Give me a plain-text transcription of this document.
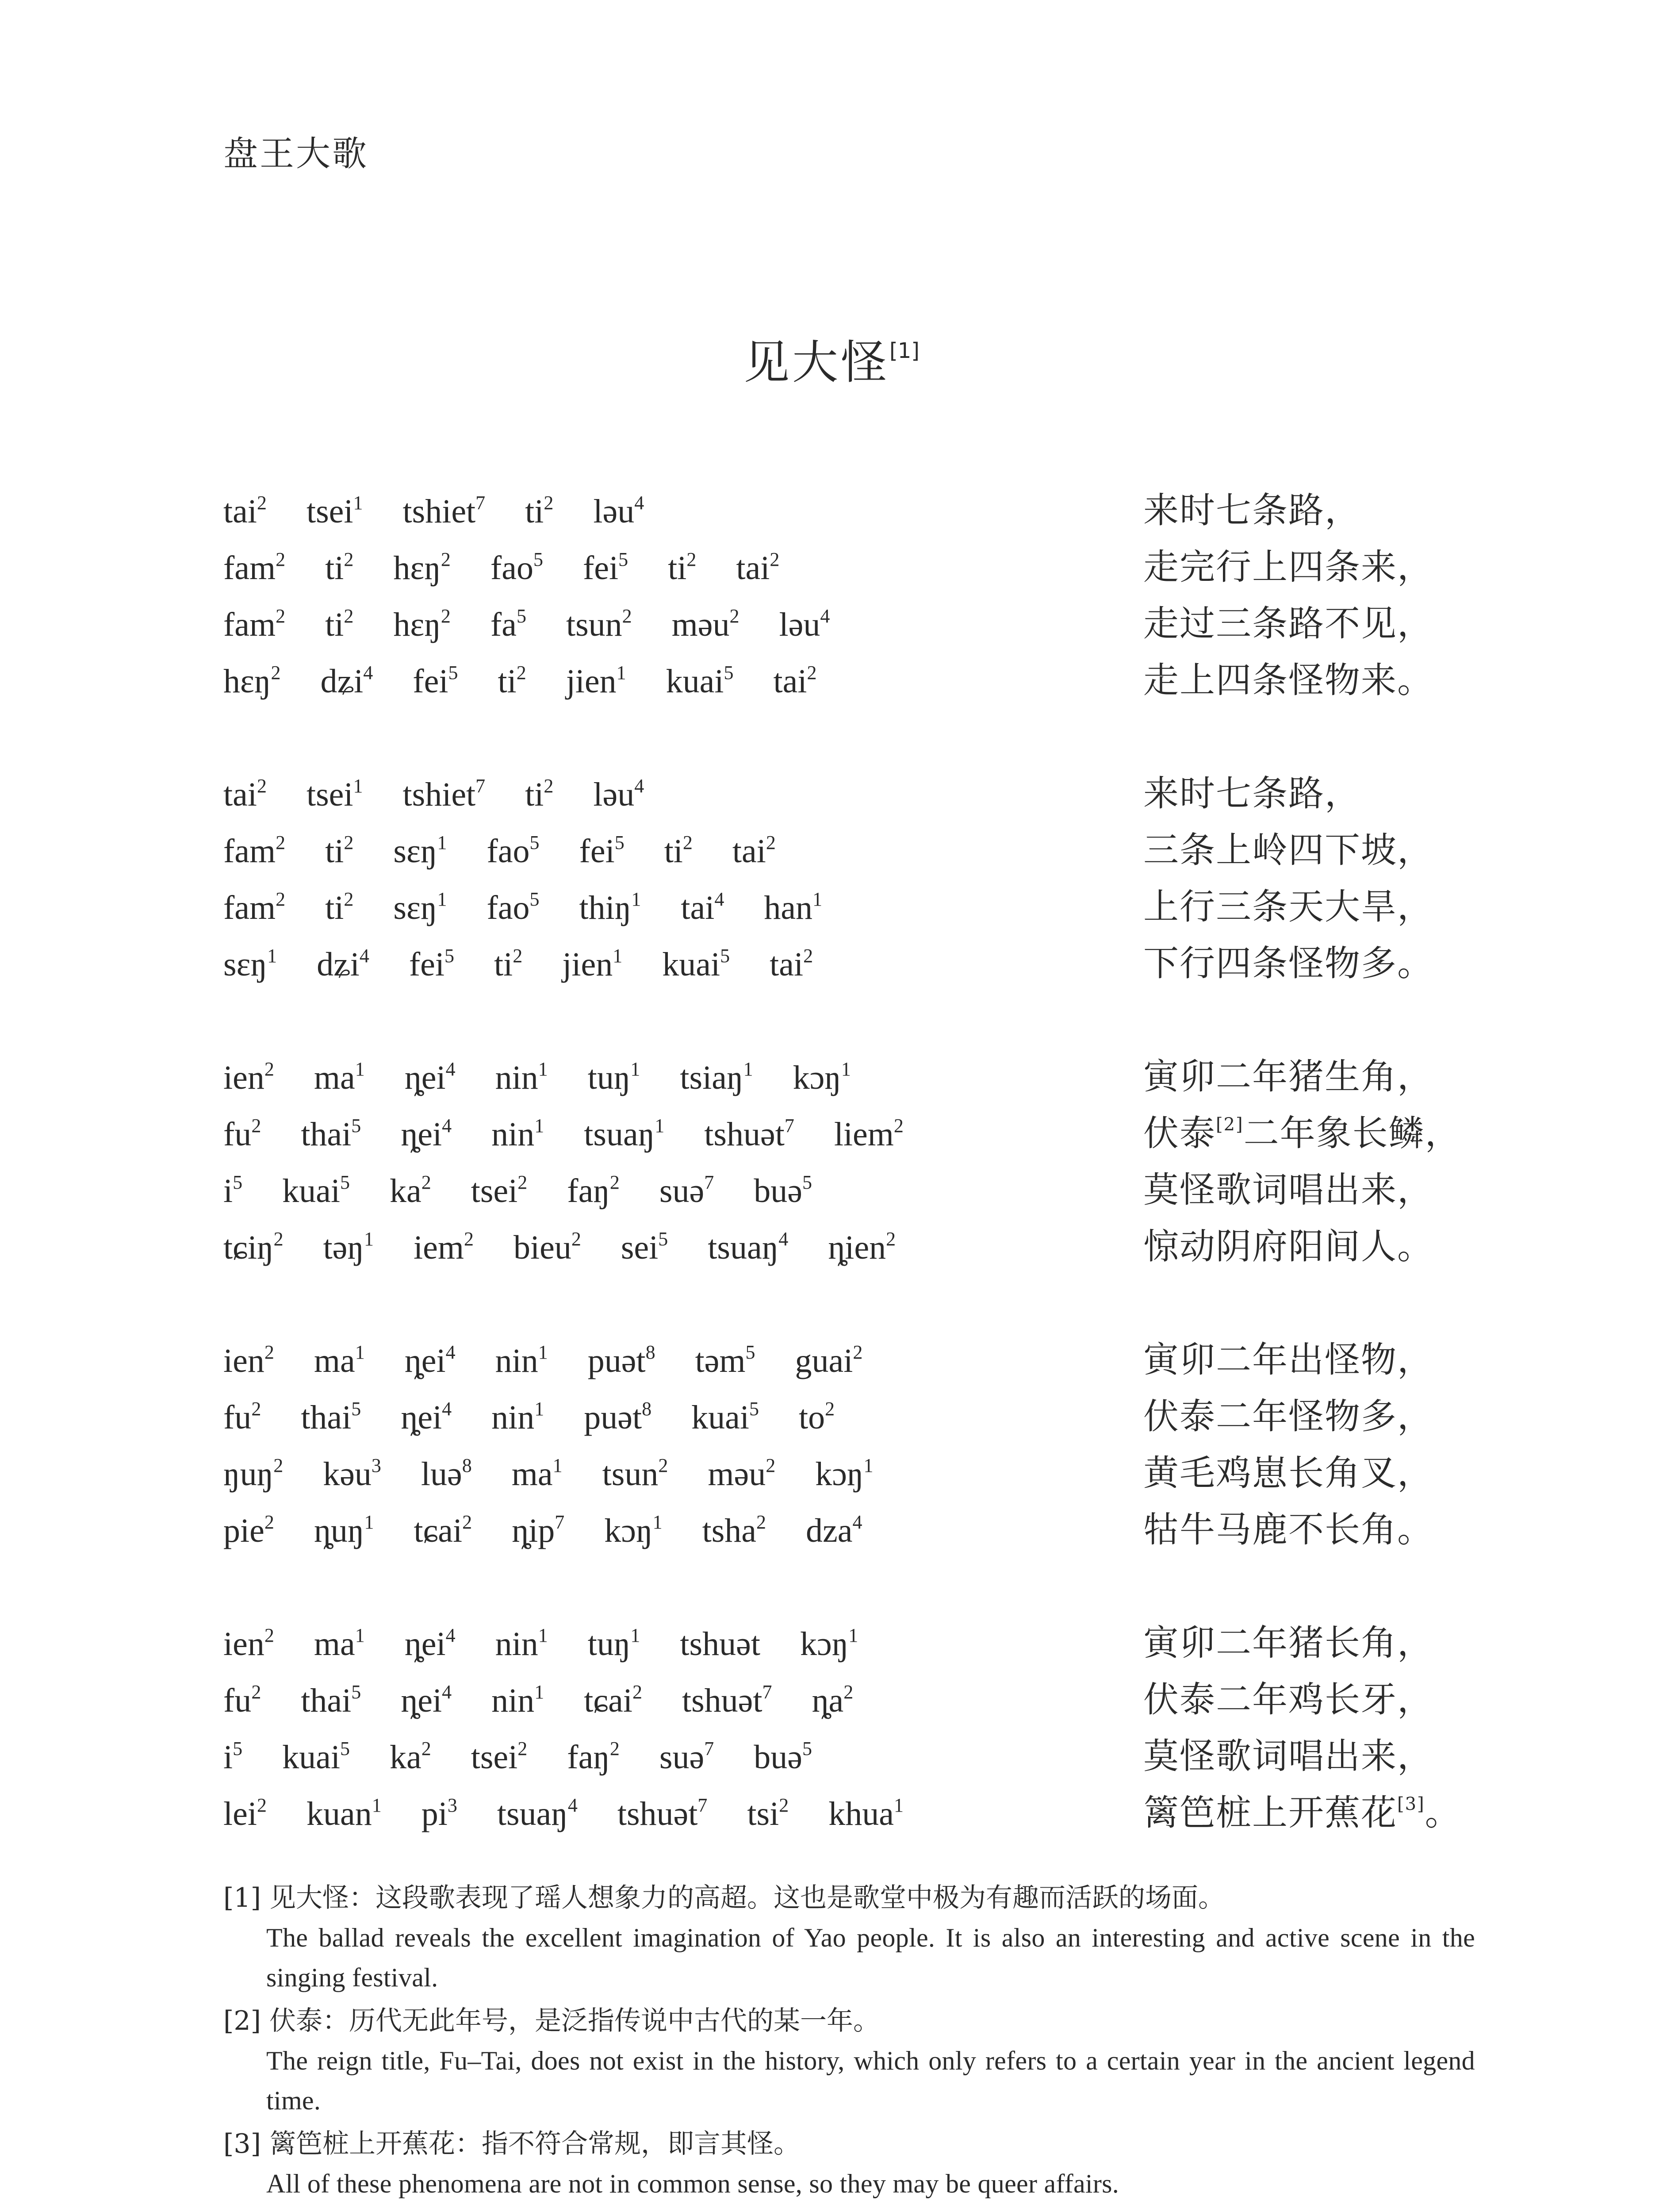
盘王大歌
见大怪[1]
tai$^2$  tsei$^1$  tshiet$^7$  $ti^2$  ləu$^4$	来时七条路，
fam$^2$  $ti^2$  hɛŋ$^2$  fao$^5$  fei$^5$  $ti^2$  tai$^2$	走完行上四条来，
fam$^2$  $ti^2$  hɛŋ$^2$  $fa^5$  tsun$^2$  məu$^2$  ləu$^4$	走过三条路不见，
hɛŋ$^2$  dʑi$^4$  fei$^5$  $ti^2$  jien$^1$  kuai$^5$  tai$^2$	走上四条怪物来。
tai$^2$  tsei$^1$  tshiet$^7$  $ti^2$  ləu$^4$	来时七条路，
fam$^2$  $ti^2$  sɛŋ$^1$  fao$^5$  fei$^5$  $ti^2$  tai$^2$	三条上岭四下坡，
fam$^2$  $ti^2$  sɛŋ$^1$  fao$^5$  thiŋ$^1$  tai$^4$  han$^1$	上行三条天大旱，
sɛŋ$^1$  dʑi$^4$  fei$^5$  $ti^2$  jien$^1$  kuai$^5$  tai$^2$	下行四条怪物多。
ien$^2$  $ma^1$  ȵei$^4$  nin$^1$  tuŋ$^1$  tsiaŋ$^1$  kɔŋ$^1$	寅卯二年猪生角，
$fu^2$  thai$^5$  ȵei$^4$  nin$^1$  tsuaŋ$^1$  tshuət$^7$  liem$^2$	伏泰[2]二年象长鳞，
$i^5$  kuai$^5$  $ka^2$  tsei$^2$  faŋ$^2$  suə$^7$  buə$^5$	莫怪歌词唱出来，
tɕiŋ$^2$  təŋ$^1$  iem$^2$  bieu$^2$  sei$^5$  tsuaŋ$^4$  ȵien$^2$	惊动阴府阳间人。
ien$^2$  $ma^1$  ȵei$^4$  nin$^1$  puət$^8$  təm$^5$  guai$^2$	寅卯二年出怪物，
$fu^2$  thai$^5$  ȵei$^4$  nin$^1$  puət$^8$  kuai$^5$  $to^2$	伏泰二年怪物多，
ŋuŋ$^2$  kəu$^3$  luə$^8$  $ma^1$  tsun$^2$  məu$^2$  kɔŋ$^1$	黄毛鸡崽长角叉，
pie$^2$  ȵuŋ$^1$  tɕai$^2$  ȵip$^7$  kɔŋ$^1$  tsha$^2$  dza$^4$	牯牛马鹿不长角。
ien$^2$  $ma^1$  ȵei$^4$  nin$^1$  tuŋ$^1$  tshuət  kɔŋ$^1$	寅卯二年猪长角，
$fu^2$  thai$^5$  ȵei$^4$  nin$^1$  tɕai$^2$  tshuət$^7$  $ȵa^2$	伏泰二年鸡长牙，
$i^5$  kuai$^5$  $ka^2$  tsei$^2$  faŋ$^2$  suə$^7$  buə$^5$	莫怪歌词唱出来，
lei$^2$  kuan$^1$  $pi^3$  tsuaŋ$^4$  tshuət$^7$  tsi$^2$  khua$^1$	篱笆桩上开蕉花[3]。
[1] 见大怪：这段歌表现了瑶人想象力的高超。这也是歌堂中极为有趣而活跃的场面。
The ballad reveals the excellent imagination of Yao people. It is also an interesting and active scene in the singing festival.
[2] 伏泰：历代无此年号，是泛指传说中古代的某一年。
The reign title, Fu–Tai, does not exist in the history, which only refers to a certain year in the ancient legend time.
[3] 篱笆桩上开蕉花：指不符合常规，即言其怪。
All of these phenomena are not in common sense, so they may be queer affairs.
